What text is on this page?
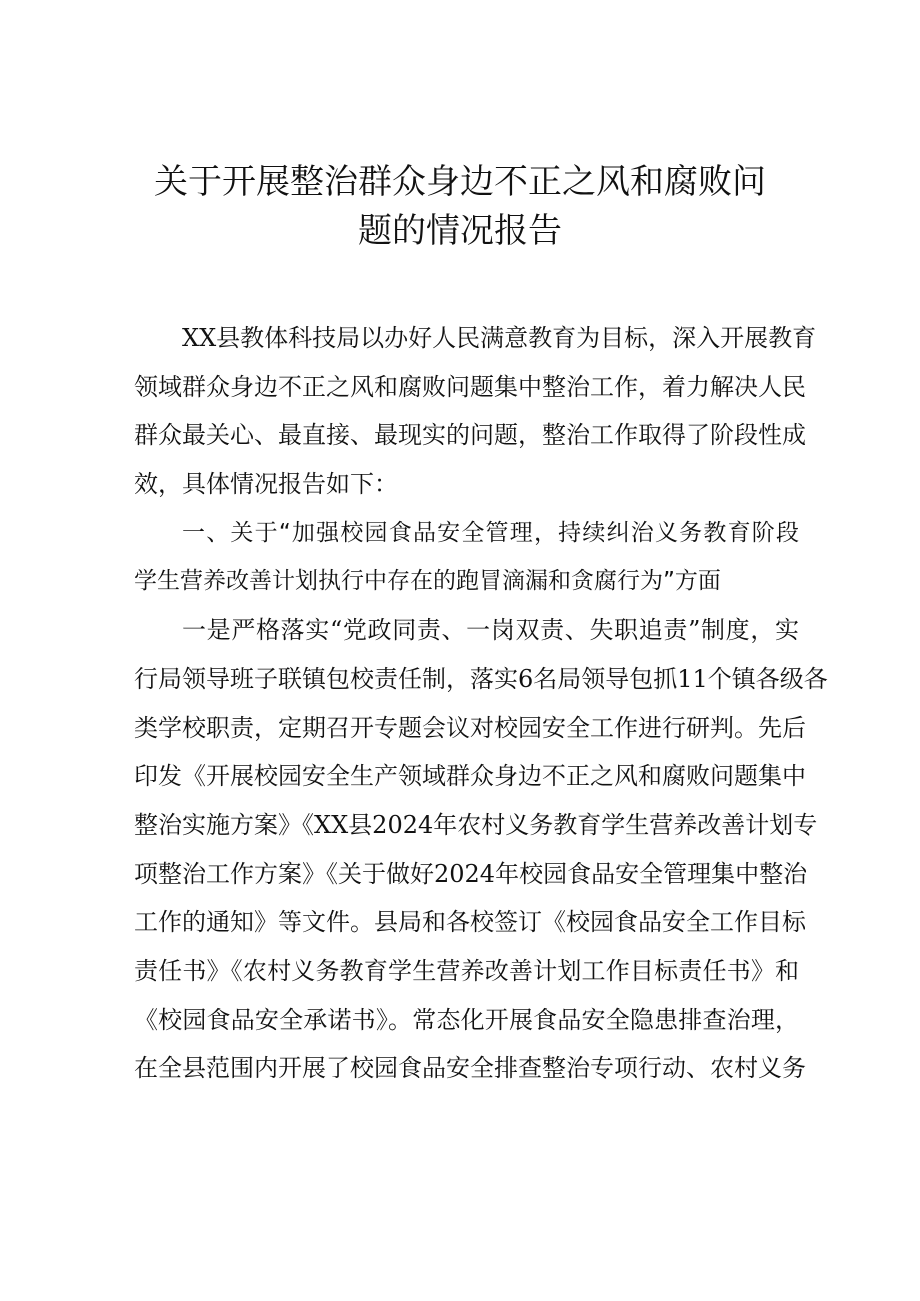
关于开展整治群众身边不正之风和腐败问
题的情况报告
XX县教体科技局以办好人民满意教育为目标，深入开展教育
领域群众身边不正之风和腐败问题集中整治工作，着力解决人民
群众最关心、最直接、最现实的问题，整治工作取得了阶段性成
效，具体情况报告如下：
一、关于“加强校园食品安全管理，持续纠治义务教育阶段
学生营养改善计划执行中存在的跑冒滴漏和贪腐行为”方面
一是严格落实“党政同责、一岗双责、失职追责”制度，实
行局领导班子联镇包校责任制，落实6名局领导包抓11个镇各级各
类学校职责，定期召开专题会议对校园安全工作进行研判。先后
印发《开展校园安全生产领域群众身边不正之风和腐败问题集中
整治实施方案》《XX县2024年农村义务教育学生营养改善计划专
项整治工作方案》《关于做好2024年校园食品安全管理集中整治
工作的通知》等文件。县局和各校签订《校园食品安全工作目标
责任书》《农村义务教育学生营养改善计划工作目标责任书》和
《校园食品安全承诺书》。常态化开展食品安全隐患排查治理，
在全县范围内开展了校园食品安全排查整治专项行动、农村义务
